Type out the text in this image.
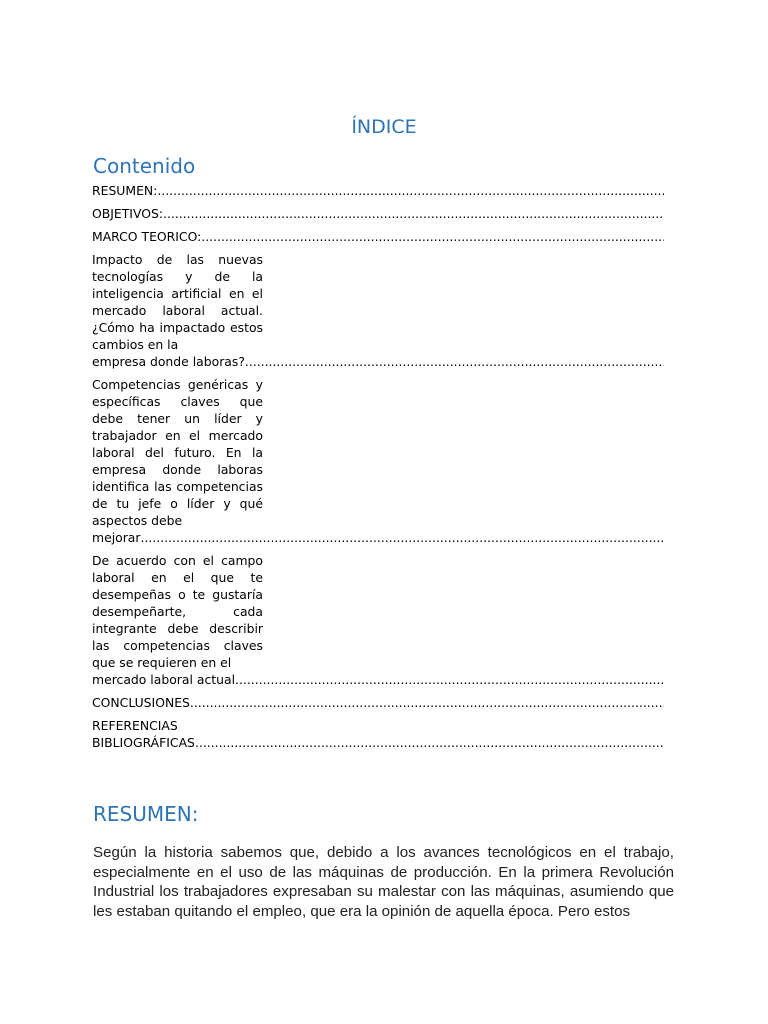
ÍNDICE
Contenido
RESUMEN:
.....
OBJETIVOS:
.....
MARCO TEORICO:
.....
Impacto de las nuevas tecnologías y de la inteligencia artificial en el mercado laboral actual. ¿Cómo ha impactado estos cambios en la
empresa donde laboras?
.....
Competencias genéricas y específicas claves que debe tener un líder y trabajador en el mercado laboral del futuro. En la empresa donde laboras identifica las competencias de tu jefe o líder y qué aspectos debe
mejorar
.....
De acuerdo con el campo laboral en el que te desempeñas o te gustaría desempeñarte, cada integrante debe describir las competencias claves que se requieren en el
mercado laboral actual
.....
CONCLUSIONES
.....
REFERENCIAS
BIBLIOGRÁFICAS
.....
RESUMEN:
Según la historia sabemos que, debido a los avances tecnológicos en el trabajo, especialmente en el uso de las máquinas de producción. En la primera Revolución Industrial los trabajadores expresaban su malestar con las máquinas, asumiendo que les estaban quitando el empleo, que era la opinión de aquella época. Pero estos
